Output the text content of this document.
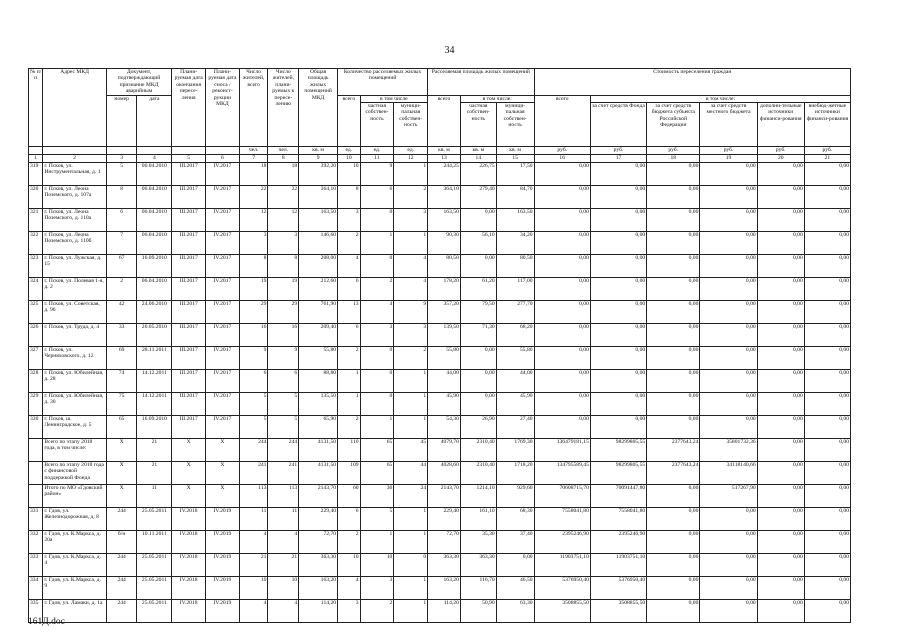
34
№ п/п	Адрес МКД	Документ, подтверждающий признание МКД аварийным		Плани-руемая дата окончания пересе-ления	Плани-руемая дата сноса / реконст-рукции МКД	Число жителей, всего	Число жителей, плани-руемых к пересе-лению	Общая площадь жилых помещений МКД	Количество расселяемых жилых помещений			Расселяемая площадь жилых помещений			Стоимость переселения граждан					
		номер	дата						всего	в том числе		всего	в том числе:		всего	в том числе:				
										частная собствен-ность	муници-пальная собствен-ность		частная собствен-ность	муници-пальная собствен-ность		за счет средств Фонда	за счет средств бюджета субъекта Российской Федерации	за счет средств местного бюджета	дополни-тельные источники финанси-рования	внебюд-жетные источники финанси-рования
						чел.	чел.	кв. м	ед.	ед.	ед.	кв. м	кв. м	кв. м	руб.	руб.	руб.	руб.	руб.	руб.
1	2	3	4	5	6	7	8	9	10	11	12	13	14	15	16	17	18	19	20	21
319	г. Псков, ул. Инструментальная, д. 1	5	06.04.2010	III.2017	IV.2017	18	18	392,20	10	9	1	244,25	226,75	17,50	0,00	0,00	0,00	0,00	0,00	0,00
320	г. Псков, ул. Леона Поземского, д. 107а	8	06.04.2010	III.2017	IV.2017	22	22	364,10	8	6	2	364,10	279,40	84,70	0,00	0,00	0,00	0,00	0,00	0,00
321	г. Псков, ул. Леона Поземского, д. 110а	6	06.04.2010	III.2017	IV.2017	12	12	163,50	3	0	3	163,50	0,00	163,50	0,00	0,00	0,00	0,00	0,00	0,00
322	г. Псков, ул. Леона Поземского, д. 110б	7	06.04.2010	III.2017	IV.2017	3	3	146,60	2	1	1	90,30	56,10	34,20	0,00	0,00	0,00	0,00	0,00	0,00
323	г. Псков, ул. Лужская, д. 15	67	16.09.2010	III.2017	IV.2017	8	8	208,00	4	0	4	80,50	0,00	80,50	0,00	0,00	0,00	0,00	0,00	0,00
324	г. Псков, ул. Полевая 1-я, д. 2	2	06.04.2010	III.2017	IV.2017	19	19	212,60	6	2	4	178,20	61,20	117,00	0,00	0,00	0,00	0,00	0,00	0,00
325	г. Псков, ул. Советская, д. 96	42	24.06.2010	III.2017	IV.2017	29	29	761,90	13	4	9	357,20	79,50	277,70	0,00	0,00	0,00	0,00	0,00	0,00
326	г. Псков, ул. Труда, д. 4	33	26.05.2010	III.2017	IV.2017	16	16	209,40	6	3	3	139,50	71,30	68,20	0,00	0,00	0,00	0,00	0,00	0,00
327	г. Псков, ул. Черняховского, д. 12	69	28.11.2011	III.2017	IV.2017	9	9	55,80	2	0	2	55,80	0,00	55,80	0,00	0,00	0,00	0,00	0,00	0,00
328	г. Псков, ул. Юбилейная, д. 28	74	14.12.2011	III.2017	IV.2017	6	6	88,80	1	0	1	44,00	0,00	44,00	0,00	0,00	0,00	0,00	0,00	0,00
329	г. Псков, ул. Юбилейная, д. 30	75	14.12.2011	III.2017	IV.2017	5	5	135,50	1	0	1	45,90	0,00	45,90	0,00	0,00	0,00	0,00	0,00	0,00
330	г. Псков, ш. Ленинградское, д. 5	65	16.09.2010	III.2017	IV.2017	5	5	65,90	2	1	1	54,30	26,90	27,40	0,00	0,00	0,00	0,00	0,00	0,00
	Всего по этапу 2018 года, в том числе:	Х	21	Х	Х	244	244	4131,50	110	65	45	4079,70	2310,40	1769,30	136479181,15	98299805,55	2377643,24	35801732,36	0,00	0,00
	Всего по этапу 2018 года с финансовой поддержкой Фонда	Х	21	Х	Х	241	241	4131,50	109	65	44	4028,60	2310,40	1718,20	134795589,45	98299805,55	2377643,24	34118140,66	0,00	0,00
	Итого по МО «Гдовский район»	Х	11	Х	Х	113	113	2143,70	60	36	24	2143,70	1214,10	929,60	70608715,70	70091447,80	0,00	517267,90	0,00	0,00
331	г. Гдов, ул. Железнодорожная, д. 8	244	25.05.2011	IV.2018	IV.2019	11	11	229,40	6	5	1	229,40	161,10	68,30	7558041,80	7558041,80	0,00	0,00	0,00	0,00
332	г. Гдов, ул. К.Маркса, д. 20а	б/н	10.11.2011	IV.2018	IV.2019	4	4	72,70	2	1	1	72,70	35,30	37,40	2395246,90	2395246,90	0,00	0,00	0,00	0,00
333	г. Гдов, ул. К.Маркса, д. 4	244	25.05.2011	IV.2018	IV.2019	21	21	363,30	10	10	0	363,30	363,30	0,00	11903751,10	11903751,10	0,00	0,00	0,00	0,00
334	г. Гдов, ул. К.Маркса, д. 9	244	25.05.2011	IV.2018	IV.2019	10	10	163,20	4	3	1	163,20	116,70	46,50	5376950,40	5376950,40	0,00	0,00	0,00	0,00
335	г. Гдов, ул. Ламаки, д. 1а	244	25.05.2011	IV.2018	IV.2019	4	4	114,20	3	2	1	114,20	50,90	63,30	3508855,50	3508855,50	0,00	0,00	0,00	0,00
161Д.doc
